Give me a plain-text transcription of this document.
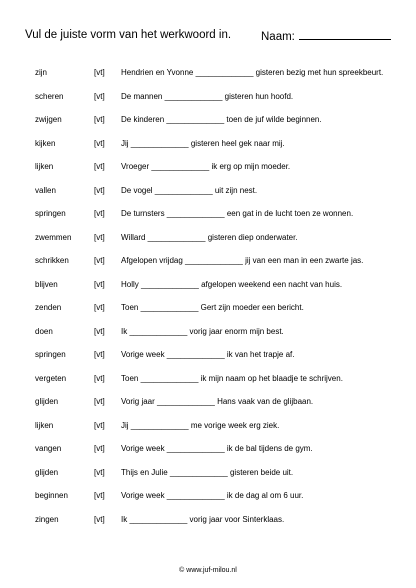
Vul de juiste vorm van het werkwoord in.	Naam:
zijn	[vt] Hendrien en Yvonne _____________ gisteren bezig met hun spreekbeurt.
scheren	[vt] De mannen _____________ gisteren hun hoofd.
zwijgen	[vt] De kinderen _____________ toen de juf wilde beginnen.
kijken	[vt] Jij _____________ gisteren heel gek naar mij.
lijken	[vt] Vroeger _____________ ik erg op mijn moeder.
vallen	[vt] De vogel _____________ uit zijn nest.
springen	[vt] De turnsters _____________ een gat in de lucht toen ze wonnen.
zwemmen	[vt] Willard _____________ gisteren diep onderwater.
schrikken	[vt] Afgelopen vrijdag _____________ jij van een man in een zwarte jas.
blijven	[vt] Holly _____________ afgelopen weekend een nacht van huis.
zenden	[vt] Toen _____________ Gert zijn moeder een bericht.
doen	[vt] Ik _____________ vorig jaar enorm mijn best.
springen	[vt] Vorige week _____________ ik van het trapje af.
vergeten	[vt] Toen _____________ ik mijn naam op het blaadje te schrijven.
glijden	[vt] Vorig jaar _____________ Hans vaak van de glijbaan.
lijken	[vt] Jij _____________ me vorige week erg ziek.
vangen	[vt] Vorige week _____________ ik de bal tijdens de gym.
glijden	[vt] Thijs en Julie _____________ gisteren beide uit.
beginnen	[vt] Vorige week _____________ ik de dag al om 6 uur.
zingen	[vt] Ik _____________ vorig jaar voor Sinterklaas.
© www.juf-milou.nl
